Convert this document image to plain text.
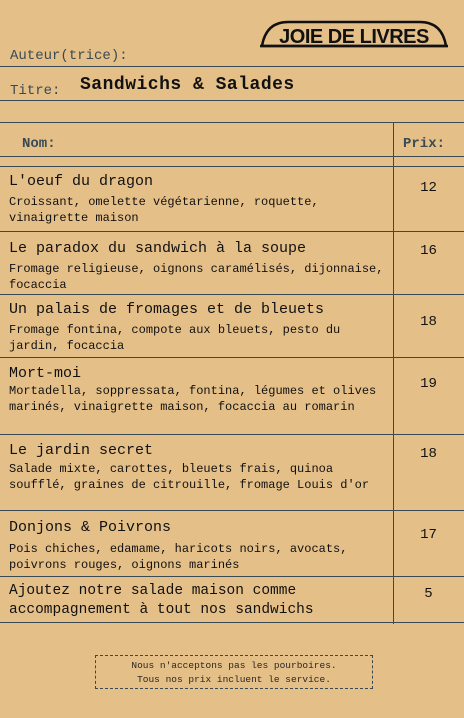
Auteur(trice):
JOIE DE LIVRES
Titre: Sandwichs & Salades
Nom:	Prix:
L'oeuf du dragon
Croissant, omelette végétarienne, roquette, vinaigrette maison
12
Le paradox du sandwich à la soupe
Fromage religieuse, oignons caramélisés, dijonnaise, focaccia
16
Un palais de fromages et de bleuets
Fromage fontina, compote aux bleuets, pesto du jardin, focaccia
18
Mort-moi
Mortadella, soppressata, fontina, légumes et olives marinés, vinaigrette maison, focaccia au romarin
19
Le jardin secret
Salade mixte, carottes, bleuets frais, quinoa soufflé, graines de citrouille, fromage Louis d'or
18
Donjons & Poivrons
Pois chiches, edamame, haricots noirs, avocats, poivrons rouges, oignons marinés
17
Ajoutez notre salade maison comme accompagnement à tout nos sandwichs
5
Nous n'acceptons pas les pourboires.
Tous nos prix incluent le service.
